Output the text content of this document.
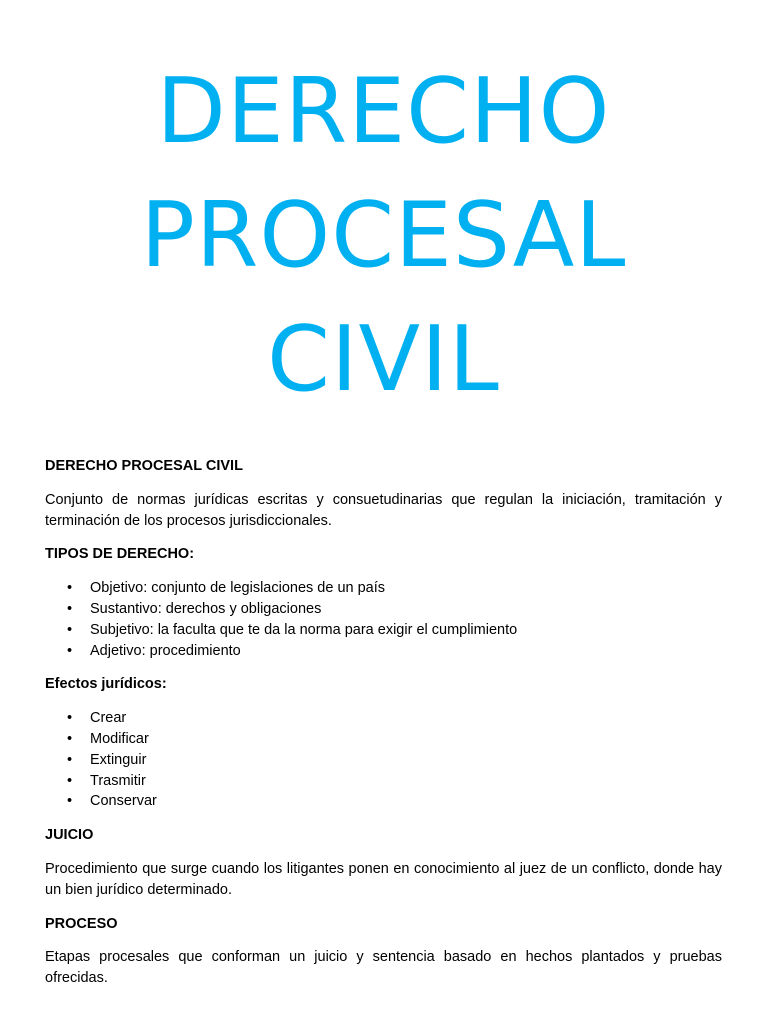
DERECHO
PROCESAL
CIVIL

DERECHO PROCESAL CIVIL

Conjunto de normas jurídicas escritas y consuetudinarias que regulan la iniciación, tramitación y terminación de los procesos jurisdiccionales.

TIPOS DE DERECHO:

• Objetivo: conjunto de legislaciones de un país
• Sustantivo: derechos y obligaciones
• Subjetivo: la faculta que te da la norma para exigir el cumplimiento
• Adjetivo: procedimiento

Efectos jurídicos:

• Crear
• Modificar
• Extinguir
• Trasmitir
• Conservar

JUICIO

Procedimiento que surge cuando los litigantes ponen en conocimiento al juez de un conflicto, donde hay un bien jurídico determinado.

PROCESO

Etapas procesales que conforman un juicio y sentencia basado en hechos plantados y pruebas ofrecidas.
